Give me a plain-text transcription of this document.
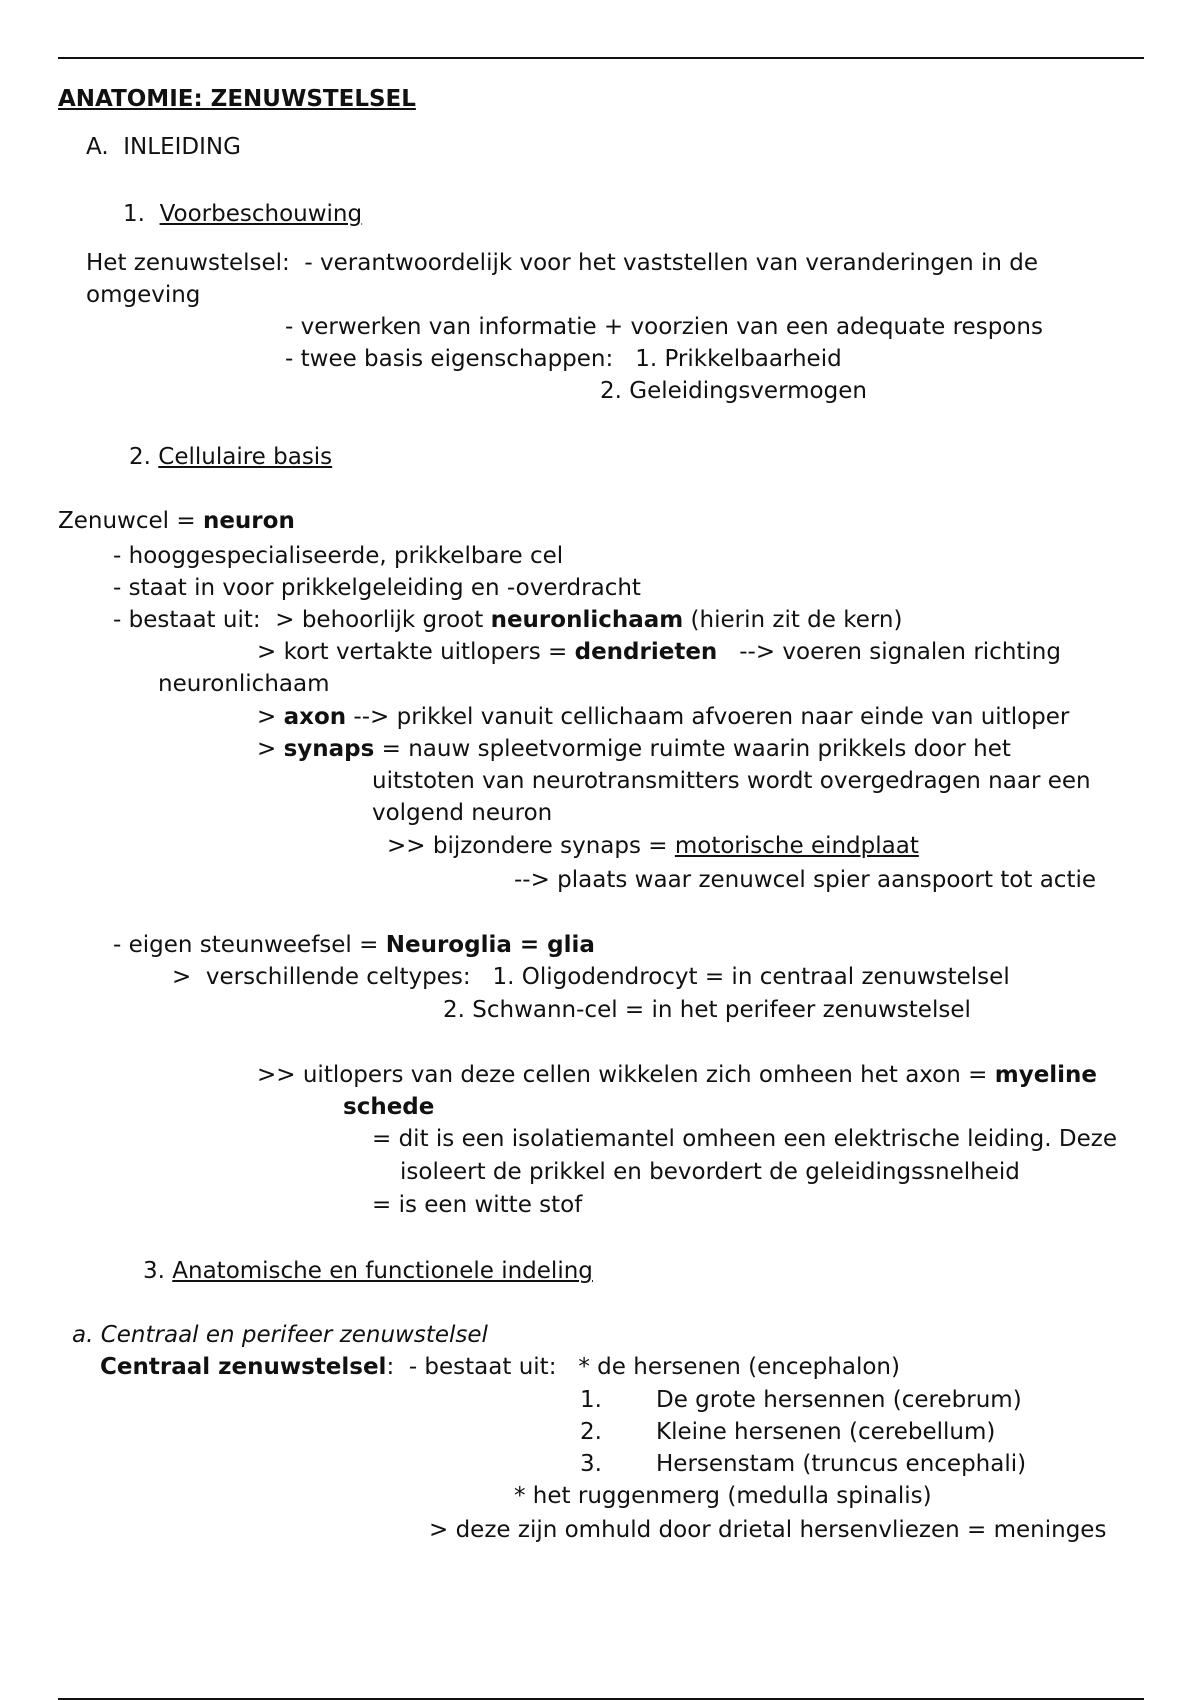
ANATOMIE: ZENUWSTELSEL
A. INLEIDING
1. Voorbeschouwing
Het zenuwstelsel: - verantwoordelijk voor het vaststellen van veranderingen in de
omgeving
- verwerken van informatie + voorzien van een adequate respons
- twee basis eigenschappen: 1. Prikkelbaarheid
2. Geleidingsvermogen
2. Cellulaire basis
Zenuwcel = neuron
- hooggespecialiseerde, prikkelbare cel
- staat in voor prikkelgeleiding en -overdracht
- bestaat uit:  > behoorlijk groot neuronlichaam (hierin zit de kern)
> kort vertakte uitlopers = dendrieten   --> voeren signalen richting
neuronlichaam
> axon --> prikkel vanuit cellichaam afvoeren naar einde van uitloper
> synaps = nauw spleetvormige ruimte waarin prikkels door het
uitstoten van neurotransmitters wordt overgedragen naar een
volgend neuron
>> bijzondere synaps = motorische eindplaat
--> plaats waar zenuwcel spier aanspoort tot actie
- eigen steunweefsel = Neuroglia = glia
>  verschillende celtypes:   1. Oligodendrocyt = in centraal zenuwstelsel
2. Schwann-cel = in het perifeer zenuwstelsel
>> uitlopers van deze cellen wikkelen zich omheen het axon = myeline
schede
= dit is een isolatiemantel omheen een elektrische leiding. Deze
isoleert de prikkel en bevordert de geleidingssnelheid
= is een witte stof
3. Anatomische en functionele indeling
a. Centraal en perifeer zenuwstelsel
Centraal zenuwstelsel:  - bestaat uit:   * de hersenen (encephalon)
1. De grote hersennen (cerebrum)
2. Kleine hersenen (cerebellum)
3. Hersenstam (truncus encephali)
* het ruggenmerg (medulla spinalis)
> deze zijn omhuld door drietal hersenvliezen = meninges
